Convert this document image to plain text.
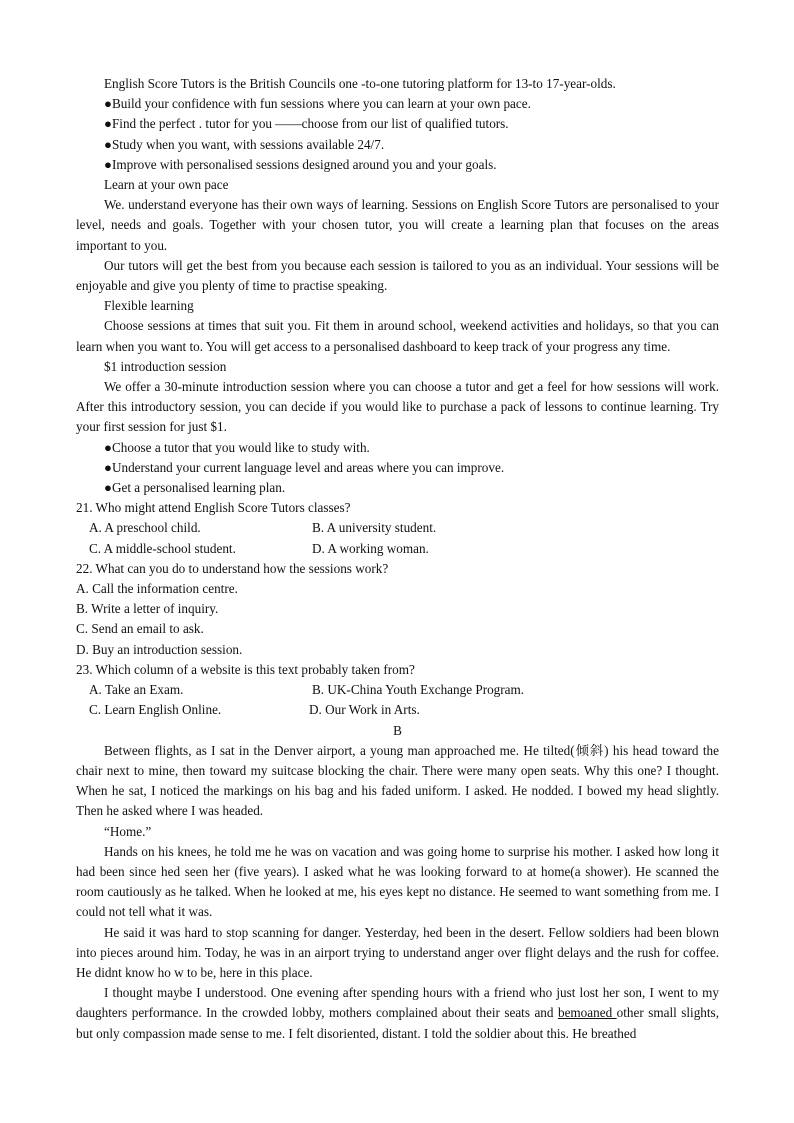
English Score Tutors is the British Councils one -to-one tutoring platform for 13-to 17-year-olds.

●Build your confidence with fun sessions where you can learn at your own pace.

●Find the perfect . tutor for you ——choose from our list of qualified tutors.

●Study when you want, with sessions available 24/7.

●Improve with personalised sessions designed around you and your goals.

Learn at your own pace

We. understand everyone has their own ways of learning. Sessions on English Score Tutors are personalised to your level, needs and goals. Together with your chosen tutor, you will create a learning plan that focuses on the areas important to you.

Our tutors will get the best from you because each session is tailored to you as an individual. Your sessions will be enjoyable and give you plenty of time to practise speaking.

Flexible learning

Choose sessions at times that suit you. Fit them in around school, weekend activities and holidays, so that you can learn when you want to. You will get access to a personalised dashboard to keep track of your progress any time.

$1 introduction session

We offer a 30-minute introduction session where you can choose a tutor and get a feel for how sessions will work. After this introductory session, you can decide if you would like to purchase a pack of lessons to continue learning. Try your first session for just $1.

●Choose a tutor that you would like to study with.

●Understand your current language level and areas where you can improve.

●Get a personalised learning plan.

21. Who might attend English Score Tutors classes?

A. A preschool child.	B. A university student.
C. A middle-school student.	D. A working woman.

22. What can you do to understand how the sessions work?

A. Call the information centre.

B. Write a letter of inquiry.

C. Send an email to ask.

D. Buy an introduction session.

23. Which column of a website is this text probably taken from?

A. Take an Exam.	B. UK-China Youth Exchange Program.
C. Learn English Online.	D. Our Work in Arts.

B

Between flights, as I sat in the Denver airport, a young man approached me. He tilted(倾斜) his head toward the chair next to mine, then toward my suitcase blocking the chair. There were many open seats. Why this one? I thought. When he sat, I noticed the markings on his bag and his faded uniform. I asked. He nodded. I bowed my head slightly. Then he asked where I was headed.

“Home.”

Hands on his knees, he told me he was on vacation and was going home to surprise his mother. I asked how long it had been since hed seen her (five years). I asked what he was looking forward to at home(a shower). He scanned the room cautiously as he talked. When he looked at me, his eyes kept no distance. He seemed to want something from me. I could not tell what it was.

He said it was hard to stop scanning for danger. Yesterday, hed been in the desert. Fellow soldiers had been blown into pieces around him. Today, he was in an airport trying to understand anger over flight delays and the rush for coffee. He didnt know ho w to be, here in this place.

I thought maybe I understood. One evening after spending hours with a friend who just lost her son, I went to my daughters performance. In the crowded lobby, mothers complained about their seats and bemoaned other small slights, but only compassion made sense to me. I felt disoriented, distant. I told the soldier about this. He breathed
